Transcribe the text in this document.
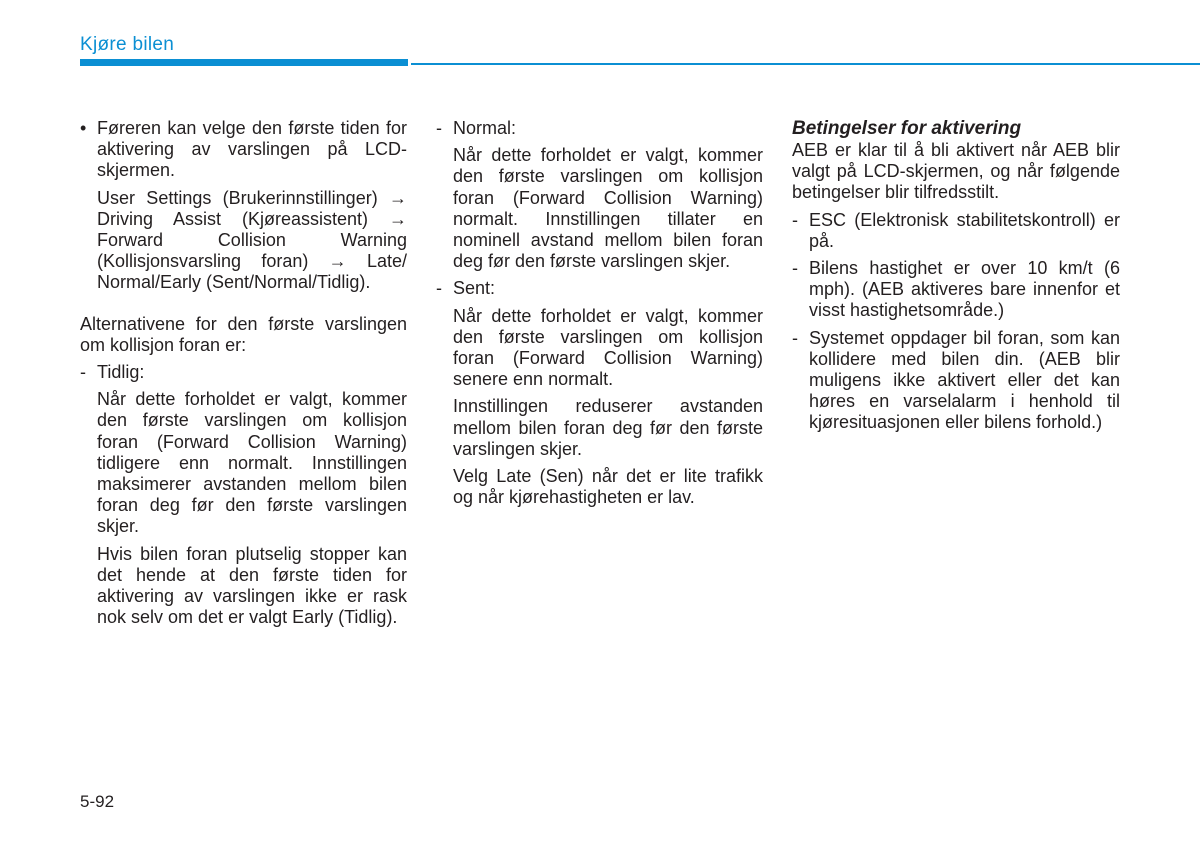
Kjøre bilen
• Føreren kan velge den første tiden for aktivering av varslingen på LCD-skjermen.

User Settings (Brukerinnstillinger) → Driving Assist (Kjøreassistent) → Forward Collision Warning (Kollisjonsvarsling foran) → Late/ Normal/Early (Sent/Normal/Tidlig).

Alternativene for den første varslingen om kollisjon foran er:

- Tidlig:

Når dette forholdet er valgt, kommer den første varslingen om kollisjon foran (Forward Collision Warning) tidligere enn normalt. Innstillingen maksimerer avstanden mellom bilen foran deg før den første varslingen skjer.

Hvis bilen foran plutselig stopper kan det hende at den første tiden for aktivering av varslingen ikke er rask nok selv om det er valgt Early (Tidlig).

- Normal:

Når dette forholdet er valgt, kommer den første varslingen om kollisjon foran (Forward Collision Warning) normalt. Innstillingen tillater en nominell avstand mellom bilen foran deg før den første varslingen skjer.

- Sent:

Når dette forholdet er valgt, kommer den første varslingen om kollisjon foran (Forward Collision Warning) senere enn normalt.

Innstillingen reduserer avstanden mellom bilen foran deg før den første varslingen skjer.

Velg Late (Sen) når det er lite trafikk og når kjørehastigheten er lav.

Betingelser for aktivering

AEB er klar til å bli aktivert når AEB blir valgt på LCD-skjermen, og når følgende betingelser blir tilfredsstilt.

- ESC (Elektronisk stabilitetskontroll) er på.
- Bilens hastighet er over 10 km/t (6 mph). (AEB aktiveres bare innenfor et visst hastighetsområde.)
- Systemet oppdager bil foran, som kan kollidere med bilen din. (AEB blir muligens ikke aktivert eller det kan høres en varselalarm i henhold til kjøresituasjonen eller bilens forhold.)
5-92
